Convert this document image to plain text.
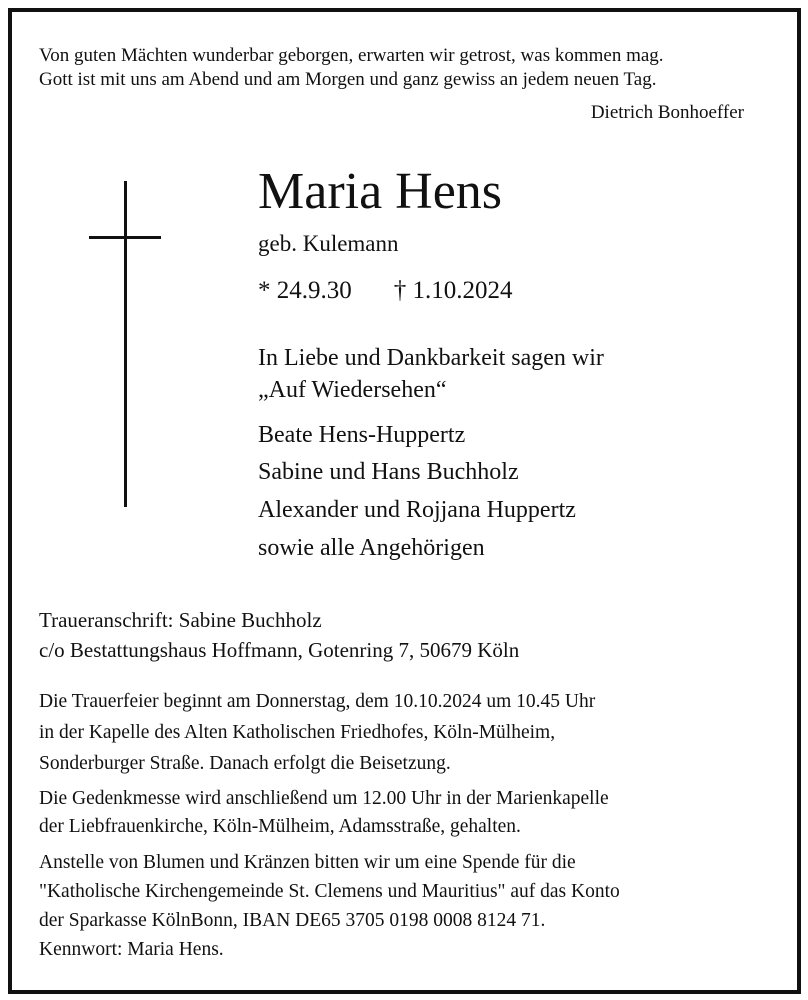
Von guten Mächten wunderbar geborgen, erwarten wir getrost, was kommen mag.
Gott ist mit uns am Abend und am Morgen und ganz gewiss an jedem neuen Tag.
Dietrich Bonhoeffer
Maria Hens
geb. Kulemann
* 24.9.30 † 1.10.2024
In Liebe und Dankbarkeit sagen wir
„Auf Wiedersehen“
Beate Hens-Huppertz
Sabine und Hans Buchholz
Alexander und Rojjana Huppertz
sowie alle Angehörigen
Traueranschrift: Sabine Buchholz
c/o Bestattungshaus Hoffmann, Gotenring 7, 50679 Köln
Die Trauerfeier beginnt am Donnerstag, dem 10.10.2024 um 10.45 Uhr
in der Kapelle des Alten Katholischen Friedhofes, Köln-Mülheim,
Sonderburger Straße. Danach erfolgt die Beisetzung.
Die Gedenkmesse wird anschließend um 12.00 Uhr in der Marienkapelle
der Liebfrauenkirche, Köln-Mülheim, Adamsstraße, gehalten.
Anstelle von Blumen und Kränzen bitten wir um eine Spende für die
"Katholische Kirchengemeinde St. Clemens und Mauritius" auf das Konto
der Sparkasse KölnBonn, IBAN DE65 3705 0198 0008 8124 71.
Kennwort: Maria Hens.
